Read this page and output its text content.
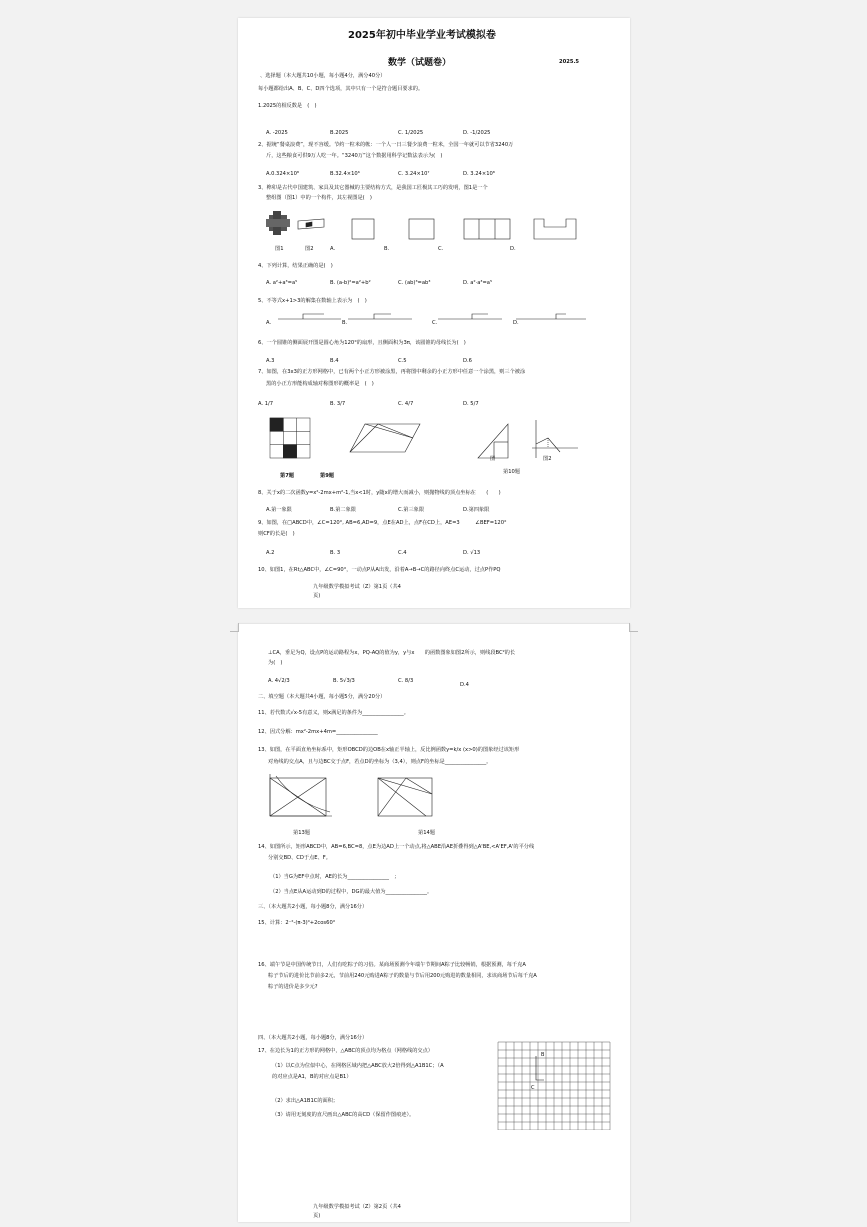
2025年初中毕业学业考试模拟卷
数学（试题卷）	2025.5
、选择题（本大题共10小题，每小题4分，满分40分）
每小题都给出A、B、C、D四个选项，其中只有一个是符合题目要求的。
1.2025的相反数是　(　)
A. -2025	B.2025	C. 1/2025	D. -1/2025
2、据统“餐桌浪费”，现不容缓。节约一粒米的帐：一个人一日三餐少浪费一粒米，全国一年就可以节省3240万
斤，这些粮食可供9万人吃一年。“3240万”这个数据用科学记数法表示为(　)
A.0.324×10⁸	B.32.4×10⁶	C. 3.24×10⁷	D. 3.24×10⁸
3、榫卯是古代中国建筑、家具及其它器械的主要结构方式，是我国工匠极其工巧的发明，图1是一个
整组图（图1）中的一个构件，其左视图是(　)
图1	图2	A.	B.	C.	D.
4、下列计算，结果正确的是(　)
A. a²+a³=a⁵	B. (a-b)²=a²+b²	C. (ab)³=ab³	D. a²·a³=a⁵
5、不等式x+1>3的解集在数轴上表示为　(　)
A.	B.	C.	D.
6、一个圆锥的侧面展开图是圆心角为120°的扇形，且侧面积为3π，该圆锥的母线长为(　)
A.3	B.4	C.5	D.6
7、如图，在3x3的正方形网格中，已有两个小正方形被涂黑，再将图中剩余的小正方形中任意一个涂黑，则三个被涂
黑的小正方形能构成轴对称图形的概率是　(　)
A. 1/7	B. 3/7	C. 4/7	D. 5/7
第7题	第9题
图	图2
第10题
8、关于x的二次函数y=x²-2mx+m²-1,当x<1时，y随x的增大而减小，则抛物线的顶点坐标在　　(　　)
A.第一象限	B.第二象限	C.第三象限	D.第四象限
9、如图，在□ABCD中，∠C=120°, AB=6,AD=9，点E在AD上，点F在CD上，AE=3　　　∠BEF=120°
则CF的长是(　)
A.2	B. 3	C.4	D. √13
10、如图1，在Rt△ABC中，∠C=90°，一动点P从A出发，沿着A→B→C的路径向终点C运动，过点P作PQ
九年级数学模拟考试（Z）第1页（共4
页)
⊥CA，垂足为Q，设点P的运动路程为x，PQ-AQ的值为y，y与x　　的函数图象如图2所示，则线段BC²的长
为(　)
A. 4√2/3	B. 5√3/3	C. 8/3
D.4
二、填空题（本大题共4小题，每小题5分，满分20分）
11、若代数式√x-5有意义，则x满足的条件为________________。
12、因式分解：mx²-2mx+4m=________________
13、如图，在平面直角坐标系中，矩形OBCD的边OB在x轴正半轴上，反比例函数y=k/x (x>0)的图象经过该矩形
对角线的交点A，且与边BC交于点F，若点D的坐标为（3,4），则点F的坐标是________________。
第13题	第14题
14、如图所示，矩形ABCD中，AB=6,BC=8，点E为边AD上一个动点,将△ABE沿AE折叠得到△A'BE,<A'EF,A'的平分线
分别交BD、CD于点E、F。
（1）当G为EF中点时，AE的长为________________　；
（2）当点E从A运动到D的过程中，DG的最大值为________________。
三、（本大题共2小题，每小题8分，满分16分）
15、计算：2⁻²-(π-3)⁰+2cos60°
16、端午节是中国传统节日，人们有吃粽子的习俗。某商场预测今年端午节期间A粽子比较畅销，根据预测，每千克A
粽子节后的进价比节前多2元，节前用240元购进A粽子的数量与节后用200元购进的数量相同，求该商场节后每千克A
粽子的进价是多少元?
四、（本大题共2小题，每小题8分，满分16分）
17、在边长为1的正方形的网格中，△ABC的顶点均为格点（网格线的交点）
（1）以C点为位似中心，在网格区域内把△ABC放大2倍得到△A1B1C；（A
的对应点是A1，B的对应点是B1）
（2）求出△A1B1C的面积；
（3）请用无刻度的直尺画出△ABC的高CD（保留作图痕迹）。
B
C
九年级数学模拟考试（Z）第2页（共4
页)
